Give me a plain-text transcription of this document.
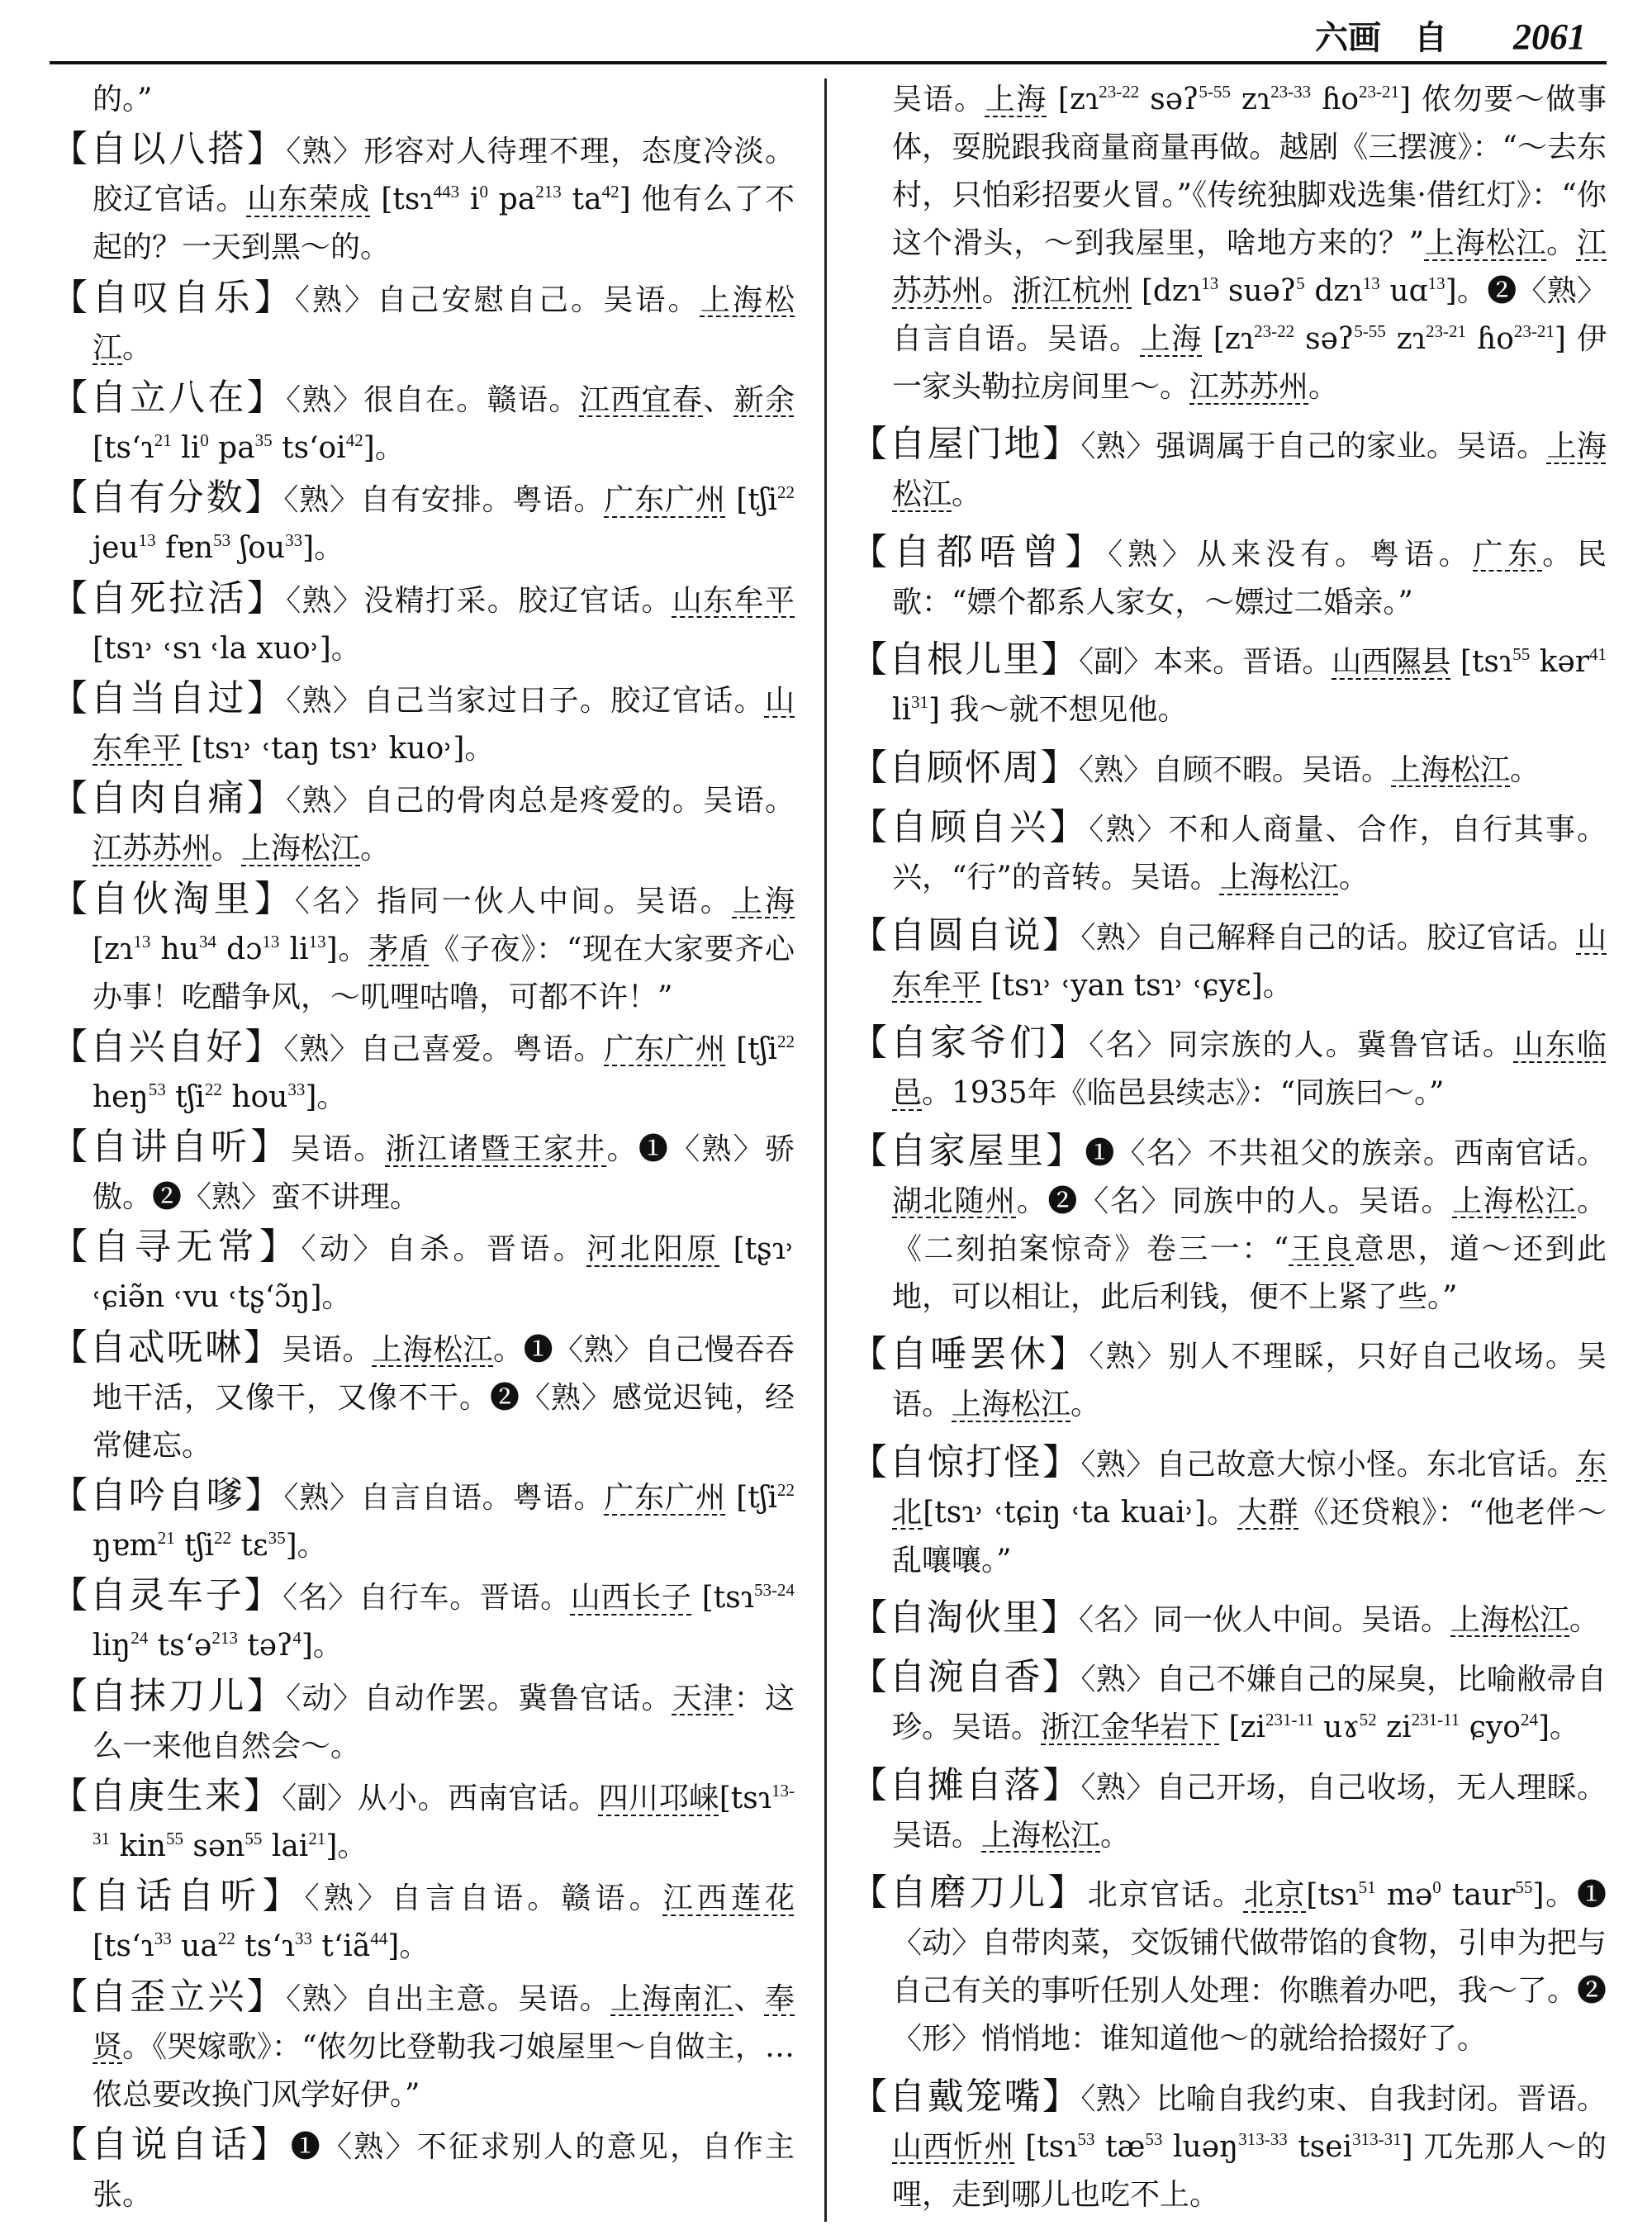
六画 自 2061
的。”
【自以八搭】〈熟〉形容对人待理不理，态度冷淡。胶辽官话。山东荣成 [tsɿ$^{443}$ $i^0$ $pa^{213}$ $ta^{42}$] 他有么了不起的？一天到黑～的。
【自叹自乐】〈熟〉自己安慰自己。吴语。上海松江。
【自立八在】〈熟〉很自在。赣语。江西宜春、新余 [ts‘ɿ$^{21}$ $li^0$ $pa^{35}$ $ts‘oi^{42}$]。
【自有分数】〈熟〉自有安排。粤语。广东广州 [tʃi$^{22}$ jeu$^{13}$ fɐn$^{53}$ ʃou$^{33}$]。
【自死拉活】〈熟〉没精打采。胶辽官话。山东牟平 [tsɿ˒ ˓sɿ ˓la xuo˒]。
【自当自过】〈熟〉自己当家过日子。胶辽官话。山东牟平 [tsɿ˒ ˓taŋ tsɿ˒ kuo˒]。
【自肉自痛】〈熟〉自己的骨肉总是疼爱的。吴语。江苏苏州。上海松江。
【自伙淘里】〈名〉指同一伙人中间。吴语。上海 [zɿ$^{13}$ $hu^{34}$ dɔ$^{13}$ $li^{13}$]。茅盾《子夜》：“现在大家要齐心办事！吃醋争风，～叽哩咕噜，可都不许！”
【自兴自好】〈熟〉自己喜爱。粤语。广东广州 [tʃi$^{22}$ heŋ$^{53}$ tʃi$^{22}$ hou$^{33}$]。
【自讲自听】吴语。浙江诸暨王家井。❶〈熟〉骄傲。❷〈熟〉蛮不讲理。
【自寻无常】〈动〉自杀。晋语。河北阳原 [tʂɿ˒ ˓ɕiə̃n ˓vu ˓tʂ‘ɔ̃ŋ]。
【自忒呒啉】吴语。上海松江。❶〈熟〉自己慢吞吞地干活，又像干，又像不干。❷〈熟〉感觉迟钝，经常健忘。
【自吟自嗲】〈熟〉自言自语。粤语。广东广州 [tʃi$^{22}$ ŋɐm$^{21}$ tʃi$^{22}$ tɛ$^{35}$]。
【自灵车子】〈名〉自行车。晋语。山西长子 [tsɿ$^{53-24}$ liŋ$^{24}$ ts‘ə$^{213}$ təʔ$^4$]。
【自抹刀儿】〈动〉自动作罢。冀鲁官话。天津：这么一来他自然会～。
【自庚生来】〈副〉从小。西南官话。四川邛崃[tsɿ$^{13-31}$ kin$^{55}$ sən$^{55}$ lai$^{21}$]。
【自话自听】〈熟〉自言自语。赣语。江西莲花 [ts‘ɿ$^{33}$ $ua^{22}$ ts‘ɿ$^{33}$ $t‘iã^{44}$]。
【自歪立兴】〈熟〉自出主意。吴语。上海南汇、奉贤。《哭嫁歌》：“侬勿比登勒我刁娘屋里～自做主，…侬总要改换门风学好伊。”
【自说自话】❶〈熟〉不征求别人的意见，自作主张。
吴语。上海 [zɿ$^{23-22}$ səʔ$^{5-55}$ zɿ$^{23-33}$ ɦo$^{23-21}$] 侬勿要～做事体，耍脱跟我商量商量再做。越剧《三摆渡》：“～去东村，只怕彩招要火冒。”《传统独脚戏选集·借红灯》：“你这个滑头，～到我屋里，啥地方来的？”上海松江。江苏苏州。浙江杭州 [dzɿ$^{13}$ suəʔ$^5$ dzɿ$^{13}$ uɑ$^{13}$]。❷〈熟〉自言自语。吴语。上海 [zɿ$^{23-22}$ səʔ$^{5-55}$ zɿ$^{23-21}$ ɦo$^{23-21}$] 伊一家头勒拉房间里～。江苏苏州。
【自屋门地】〈熟〉强调属于自己的家业。吴语。上海松江。
【自都唔曾】〈熟〉从来没有。粤语。广东。民歌：“嫖个都系人家女，～嫖过二婚亲。”
【自根儿里】〈副〉本来。晋语。山西隰县 [tsɿ$^{55}$ kər$^{41}$ $li^{31}$] 我～就不想见他。
【自顾怀周】〈熟〉自顾不暇。吴语。上海松江。
【自顾自兴】〈熟〉不和人商量、合作，自行其事。兴，“行”的音转。吴语。上海松江。
【自圆自说】〈熟〉自己解释自己的话。胶辽官话。山东牟平 [tsɿ˒ ˓yan tsɿ˒ ˓ɕyɛ]。
【自家爷们】〈名〉同宗族的人。冀鲁官话。山东临邑。1935年《临邑县续志》：“同族曰～。”
【自家屋里】❶〈名〉不共祖父的族亲。西南官话。湖北随州。❷〈名〉同族中的人。吴语。上海松江。《二刻拍案惊奇》卷三一：“王良意思，道～还到此地，可以相让，此后利钱，便不上紧了些。”
【自唾罢休】〈熟〉别人不理睬，只好自己收场。吴语。上海松江。
【自惊打怪】〈熟〉自己故意大惊小怪。东北官话。东北[tsɿ˒ ˓tɕiŋ ˓ta kuai˒]。大群《还贷粮》：“他老伴～乱嚷嚷。”
【自淘伙里】〈名〉同一伙人中间。吴语。上海松江。
【自涴自香】〈熟〉自己不嫌自己的屎臭，比喻敝帚自珍。吴语。浙江金华岩下 [$zi^{231-11}$ uɤ$^{52}$ $zi^{231-11}$ ɕyo$^{24}$]。
【自摊自落】〈熟〉自己开场，自己收场，无人理睬。吴语。上海松江。
【自磨刀儿】北京官话。北京[tsɿ$^{51}$ mə$^0$ taur$^{55}$]。❶〈动〉自带肉菜，交饭铺代做带馅的食物，引申为把与自己有关的事听任别人处理：你瞧着办吧，我～了。❷〈形〉悄悄地：谁知道他～的就给拾掇好了。
【自戴笼嘴】〈熟〉比喻自我约束、自我封闭。晋语。山西忻州 [tsɿ$^{53}$ $tæ^{53}$ luəŋ$^{313-33}$ tsei$^{313-31}$] 兀先那人～的哩，走到哪儿也吃不上。
